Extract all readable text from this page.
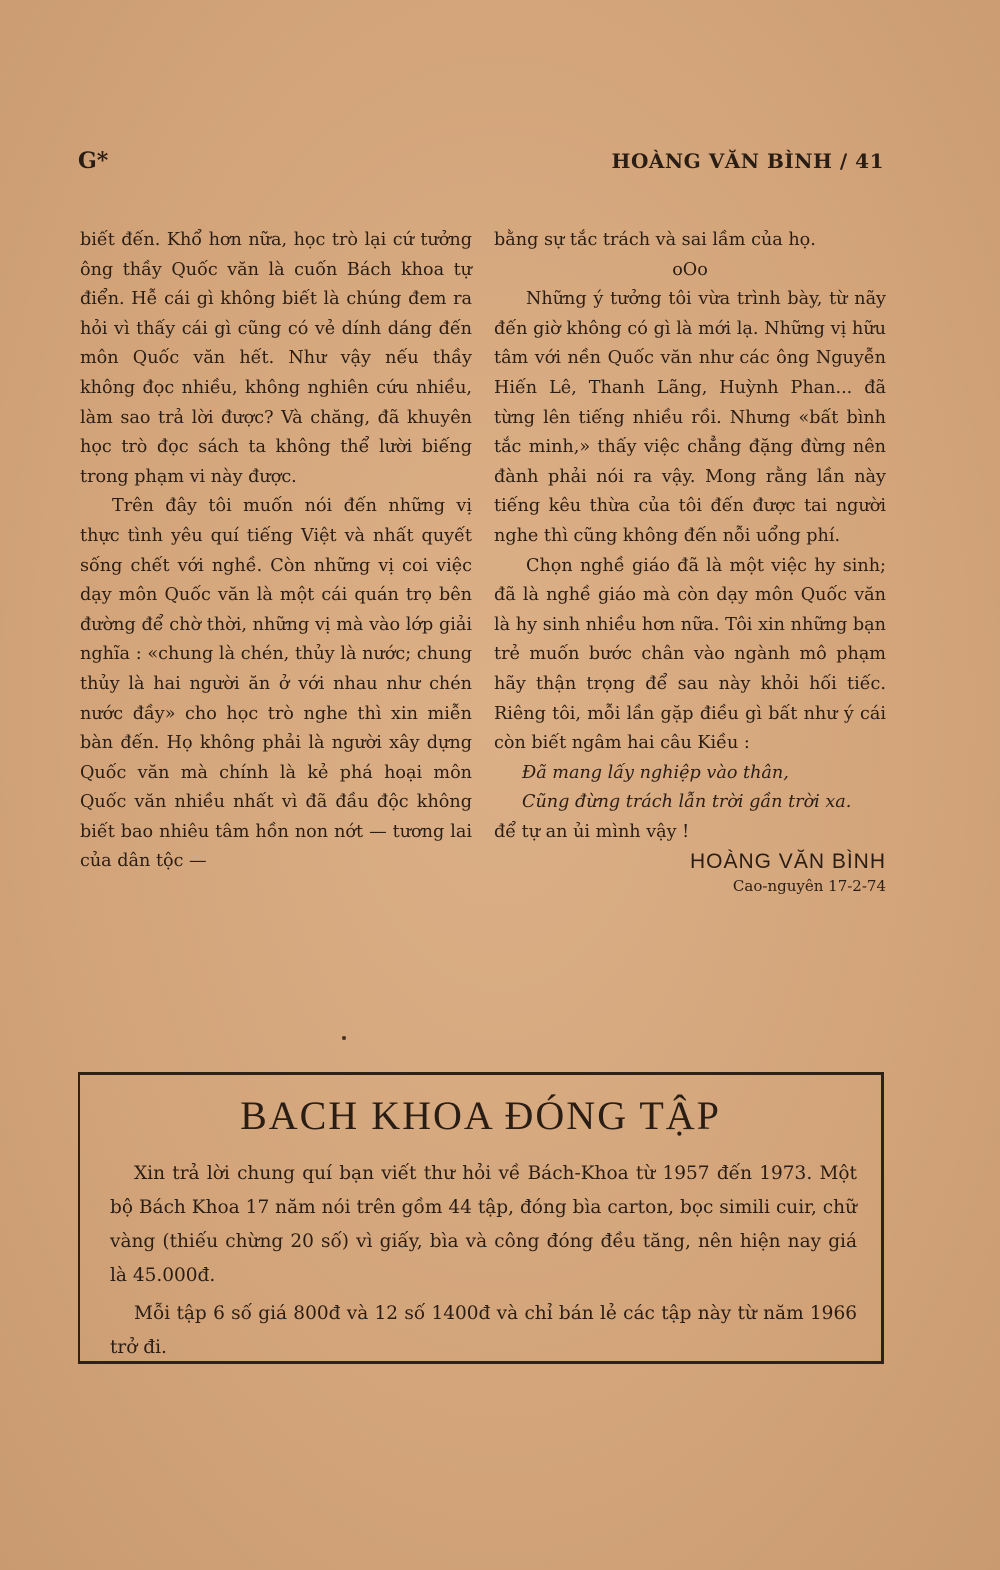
G*	HOÀNG VĂN BÌNH / 41

biết đến. Khổ hơn nữa, học trò lại cứ tưởng ông thầy Quốc văn là cuốn Bách khoa tự điển. Hễ cái gì không biết là chúng đem ra hỏi vì thấy cái gì cũng có vẻ dính dáng đến môn Quốc văn hết. Như vậy nếu thầy không đọc nhiều, không nghiên cứu nhiều, làm sao trả lời được? Và chăng, đã khuyên học trò đọc sách ta không thể lười biếng trong phạm vi này được.

Trên đây tôi muốn nói đến những vị thực tình yêu quí tiếng Việt và nhất quyết sống chết với nghề. Còn những vị coi việc dạy môn Quốc văn là một cái quán trọ bên đường để chờ thời, những vị mà vào lớp giải nghĩa : «chung là chén, thủy là nước; chung thủy là hai người ăn ở với nhau như chén nước đầy» cho học trò nghe thì xin miễn bàn đến. Họ không phải là người xây dựng Quốc văn mà chính là kẻ phá hoại môn Quốc văn nhiều nhất vì đã đầu độc không biết bao nhiêu tâm hồn non nớt — tương lai của dân tộc —

bằng sự tắc trách và sai lầm của họ.

oOo

Những ý tưởng tôi vừa trình bày, từ nãy đến giờ không có gì là mới lạ. Những vị hữu tâm với nền Quốc văn như các ông Nguyễn Hiến Lê, Thanh Lãng, Huỳnh Phan... đã từng lên tiếng nhiều rồi. Nhưng «bất bình tắc minh,» thấy việc chẳng đặng đừng nên đành phải nói ra vậy. Mong rằng lần này tiếng kêu thừa của tôi đến được tai người nghe thì cũng không đến nỗi uổng phí.

Chọn nghề giáo đã là một việc hy sinh; đã là nghề giáo mà còn dạy môn Quốc văn là hy sinh nhiều hơn nữa. Tôi xin những bạn trẻ muốn bước chân vào ngành mô phạm hãy thận trọng để sau này khỏi hối tiếc. Riêng tôi, mỗi lần gặp điều gì bất như ý cái còn biết ngâm hai câu Kiều :

Đã mang lấy nghiệp vào thân,

Cũng đừng trách lẫn trời gần trời xa.

để tự an ủi mình vậy !

HOÀNG VĂN BÌNH

Cao-nguyên 17-2-74

BACH KHOA ĐÓNG TẬP

Xin trả lời chung quí bạn viết thư hỏi về Bách-Khoa từ 1957 đến 1973. Một bộ Bách Khoa 17 năm nói trên gồm 44 tập, đóng bìa carton, bọc simili cuir, chữ vàng (thiếu chừng 20 số) vì giấy, bìa và công đóng đều tăng, nên hiện nay giá là 45.000đ.

Mỗi tập 6 số giá 800đ và 12 số 1400đ và chỉ bán lẻ các tập này từ năm 1966 trở đi.
